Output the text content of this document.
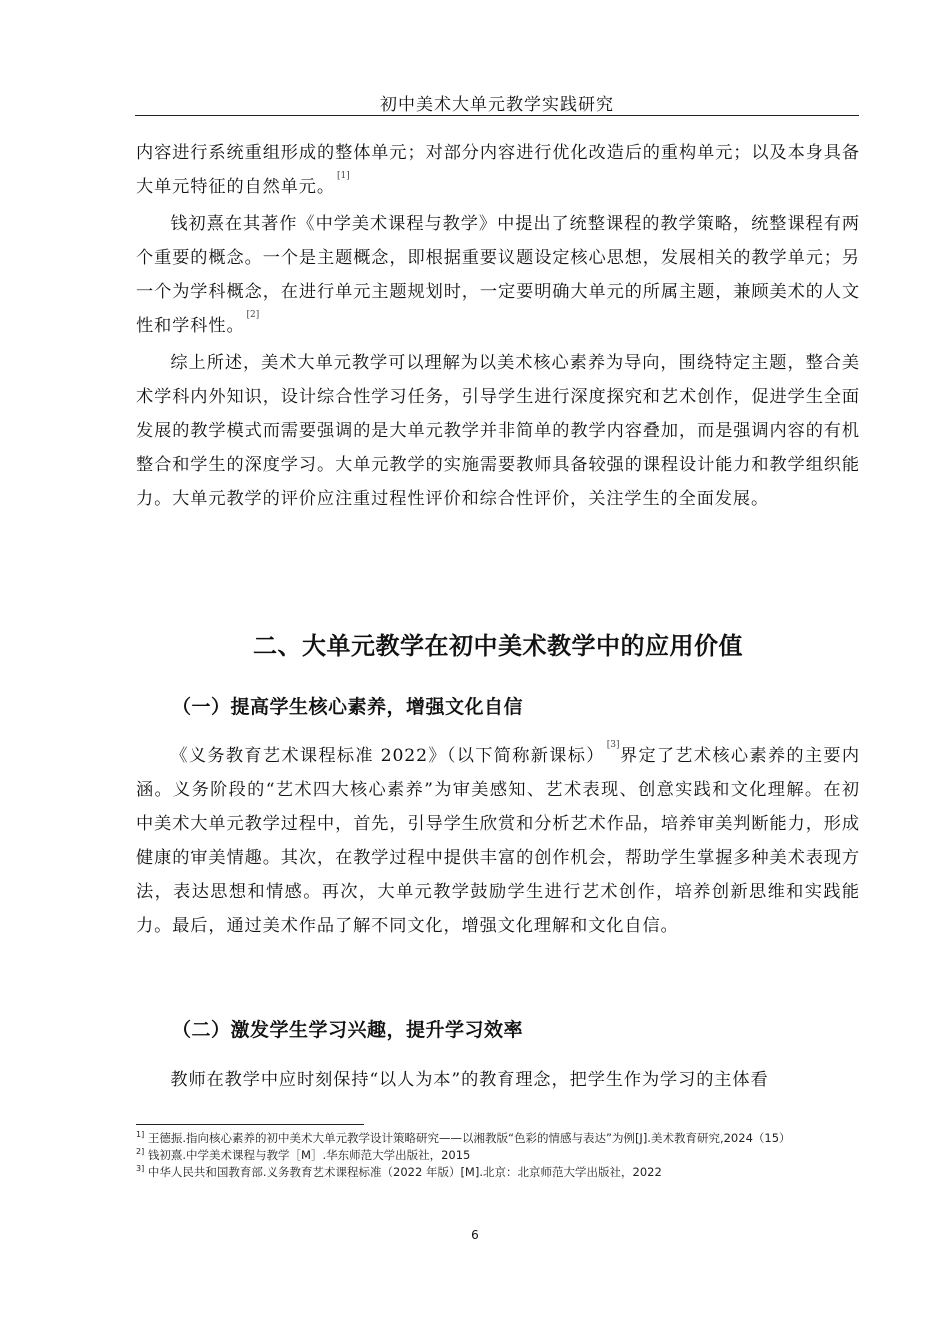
初中美术大单元教学实践研究

内容进行系统重组形成的整体单元；对部分内容进行优化改造后的重构单元；以及本身具备大单元特征的自然单元。[1]

钱初熹在其著作《中学美术课程与教学》中提出了统整课程的教学策略，统整课程有两个重要的概念。一个是主题概念，即根据重要议题设定核心思想，发展相关的教学单元；另一个为学科概念，在进行单元主题规划时，一定要明确大单元的所属主题，兼顾美术的人文性和学科性。[2]

综上所述，美术大单元教学可以理解为以美术核心素养为导向，围绕特定主题，整合美术学科内外知识，设计综合性学习任务，引导学生进行深度探究和艺术创作，促进学生全面发展的教学模式而需要强调的是大单元教学并非简单的教学内容叠加，而是强调内容的有机整合和学生的深度学习。大单元教学的实施需要教师具备较强的课程设计能力和教学组织能力。大单元教学的评价应注重过程性评价和综合性评价，关注学生的全面发展。

二、大单元教学在初中美术教学中的应用价值
（一）提高学生核心素养，增强文化自信

《义务教育艺术课程标准 2022》（以下简称新课标）[3]界定了艺术核心素养的主要内涵。义务阶段的“艺术四大核心素养”为审美感知、艺术表现、创意实践和文化理解。在初中美术大单元教学过程中，首先，引导学生欣赏和分析艺术作品，培养审美判断能力，形成健康的审美情趣。其次，在教学过程中提供丰富的创作机会，帮助学生掌握多种美术表现方法，表达思想和情感。再次，大单元教学鼓励学生进行艺术创作，培养创新思维和实践能力。最后，通过美术作品了解不同文化，增强文化理解和文化自信。

（二）激发学生学习兴趣，提升学习效率

教师在教学中应时刻保持“以人为本”的教育理念，把学生作为学习的主体看

$^{1]}$ 王德振.指向核心素养的初中美术大单元教学设计策略研究——以湘教版“色彩的情感与表达”为例[J].美术教育研究,2024（15）

$^{2]}$ 钱初熹.中学美术课程与教学［M］.华东师范大学出版社，2015

$^{3]}$ 中华人民共和国教育部.义务教育艺术课程标准（2022 年版）[M].北京：北京师范大学出版社，2022

6
